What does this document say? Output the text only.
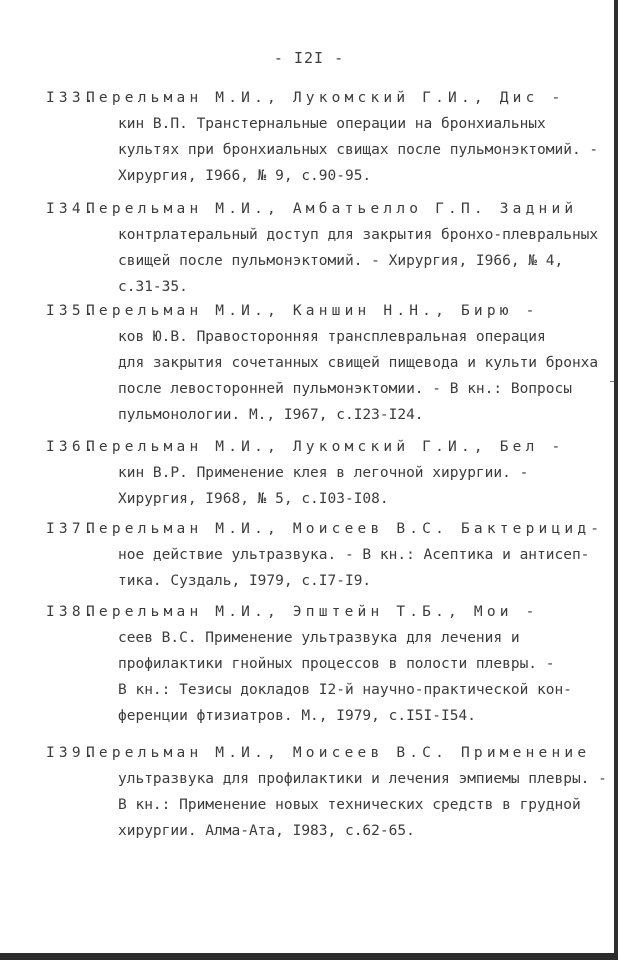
- I2I -
I33.Перельман М.И., Лукомский Г.И., Дис -
кин В.П. Транстернальные операции на бронхиальных
культях при бронхиальных свищах после пульмонэктомий. -
Хирургия, I966, № 9, с.90-95.
I34.Перельман М.И., Амбатьелло Г.П. Задний
контрлатеральный доступ для закрытия бронхо-плевральных
свищей после пульмонэктомий. - Хирургия, I966, № 4,
с.31-35.
I35.Перельман М.И., Каншин Н.Н., Бирю -
ков Ю.В. Правосторонняя трансплевральная операция
для закрытия сочетанных свищей пищевода и культи бронха
после левосторонней пульмонэктомии. - В кн.: Вопросы
пульмонологии. М., I967, с.I23-I24.
I36.Перельман М.И., Лукомский Г.И., Бел -
кин В.Р. Применение клея в легочной хирургии. -
Хирургия, I968, № 5, с.I03-I08.
I37.Перельман М.И., Моисеев В.С. Бактерицид-
ное действие ультразвука. - В кн.: Асептика и антисеп-
тика. Суздаль, I979, с.I7-I9.
I38.Перельман М.И., Эпштейн Т.Б., Мои -
сеев В.С. Применение ультразвука для лечения и
профилактики гнойных процессов в полости плевры. -
В кн.: Тезисы докладов I2-й научно-практической кон-
ференции фтизиатров. М., I979, с.I5I-I54.
I39.Перельман М.И., Моисеев В.С. Применение
ультразвука для профилактики и лечения эмпиемы плевры. -
В кн.: Применение новых технических средств в грудной
хирургии. Алма-Ата, I983, с.62-65.
